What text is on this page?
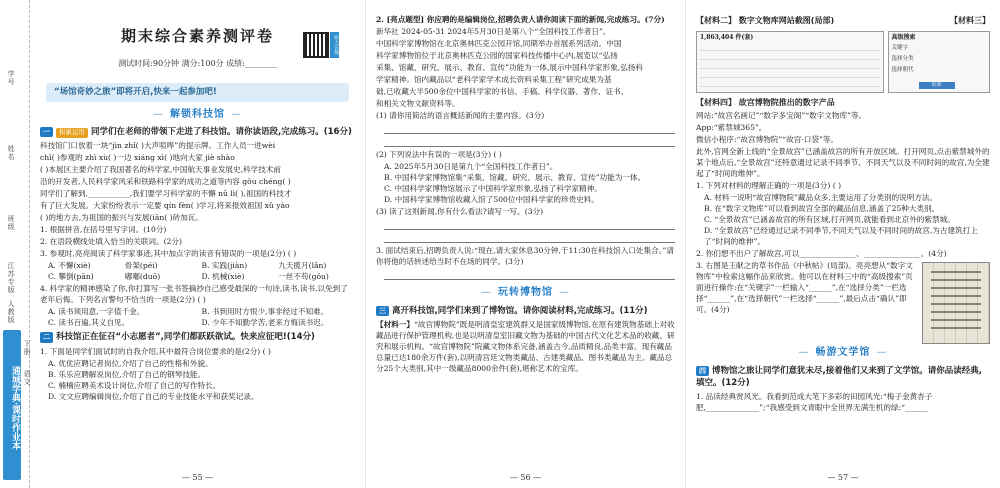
学号
姓名
班级
江苏专版
人教版
下册
语文
通城学典·课时作业本
期末综合素养测评卷	听力音频
测试时间:90分钟 满分:100分 成绩:________
“场馆奇妙之旅”即将开启,快来一起参加吧!
— 解锁科技馆 —
一 积累运用 同学们在老师的带领下走进了科技馆。请你读语段,完成练习。(16分)

科技馆门口放着一块“jìn zhǐ( )大声喧哗”的提示牌。工作人员一进wèi

chǐ( )参观的 zhì xù( )一边 xiáng xì( )地向大家 jiè shào

( )本展区主要介绍了我国著名的科学家,中国航天事业发展史,科学技术前

沿的开发者,人民科学家风采和铁路科学家的成功之道等内容 gǒu chéng( )

同学们了解到,___________,我们要学习科学家的不懈 nǔ lì( ),祖国的科技才

有了巨大发展。大家纷纷表示一定要 qín fèn( )学习,将来报效祖国 xǔ yào

( )的地方去,为祖国的振兴与发展(iān( )砖加瓦。

1. 根据拼音,在括号里写字词。(10分)
2. 在语段横线处填入恰当的关联词。(2分)
3. 参观时,亮亮阅读了科学家事迹,其中加点字的读音有错误的一项是(2分) ( )
A. 不懈(xiè)	骨架(péi)	B. 实践(jiàn)	九天揽月(lǎn)
C. 攀倒(pān)	嘟嘟(duō)	D. 机械(xiè)	一丝不苟(gǒu)
4. 科学家的精神感染了你,你打算写一张书签摘抄自己感受最深的一句诗,读书,读书,以免到了老年后悔。下列名言警句不恰当的一项是(2分) ( )
A. 读书须用意,一字值千金。	B. 书到用时方恨少,事非经过不知难。
C. 读书百遍,其义自见。	D. 少年不知勤学苦,老来方悔读书迟。
二 科技馆正在征召“小志愿者”,同学们都跃跃欲试。快来应征吧!(14分)
1. 下面是同学们面试时的自我介绍,其中最符合岗位要求的是(2分) ( )
A. 优优应聘记者岗位,介绍了自己的性格和外貌。
B. 乐乐应聘解说岗位,介绍了自己的钢琴技能。
C. 楠楠应聘美术设计岗位,介绍了自己的写作特长。
D. 文文应聘编辑岗位,介绍了自己的专业技能水平和获奖记录。
— 55 —
2. [亮点题型] 你应聘的是编辑岗位,招聘负责人请你阅读下面的新闻,完成练习。(7分)

新华社 2024-05-31 2024年5月30日是第八个“全国科技工作者日”。

中国科学家博物馆在北京奥林匹克公园开馆,同期举办首展系列活动。中国

科学家博物馆位于北京奥林匹克公园的国家科技传播中心内,展览以“弘扬

采集、馆藏、研究、展示、教育、宣传”功能为一体,展示中国科学家形象,弘扬科

学家精神。馆内藏品以“老科学家学术成长资料采集工程”研究成果为基

础,已收藏大半500余位中国科学家的书信、手稿、科学仪器、著作、证书、

和相关文物文献资料等。

(1) 请你用简洁的语言概括新闻的主要内容。(3分)
(2) 下列说法中有误的一项是(3分) ( )
A. 2025年5月30日是第九个“全国科技工作者日”。
B. 中国科学家博物馆集“采集、馆藏、研究、展示、教育、宣传”功能为一体。
C. 中国科学家博物馆展示了中国科学家形象,弘扬了科学家精神。
D. 中国科学家博物馆收藏入馆了500位中国科学家的珍贵史料。
(3) 读了这则新闻,你有什么看法?请写一写。(3分)
3. 面试结束后,招聘负责人说:“现在,请大家休息30分钟,于11:30在科技馆入口处集合。”请你将他的话转述给当时不在场的同学。(3分)
— 玩转博物馆 —
三 离开科技馆,同学们来到了博物馆。请你阅读材料,完成练习。(11分)

【材料一】“故宫博物院”既是明清皇室建筑群又是国家级博物馆,在原有建筑物基础上对收藏品进行保护管理机构,也是以明清皇室旧藏文物为基础的中国古代文化艺术品的收藏、研究和展示机构。“故宫博物院”院藏文物体系完备,涵盖古今,品质精良,品类丰富。现有藏品总量已达180余万件(套),以明清宫廷文物类藏品、古建类藏品、图书类藏品为主。藏品总分25个大类别,其中一级藏品8000余件(套),堪称艺术的宝库。

— 56 —
【材料二】 数字文物库网站截图(局部)	【材料三】
1,863,404 件(套)	高级搜索
关键字
选择分类
选择朝代
检索
【材料四】 故宫博物院推出的数字产品

网站:“故宫名画记”“数字多宝阁”“数字文物库”等。

App:“紫禁城365”。

微信小程序:“故宫博物院”“故宫·口袋”等。

此外,官网全新上线的“全景故宫”已涵盖故宫的所有开放区域。打开网页,点击紫禁城外的某个地点后,“全景故宫”还特意通过记录不同季节、不同天气以及不同时间的故宫,为全建起了“时间的维伸”。

1. 下列对材料的理解正确的一项是(3分) ( )
A. 材料一说明“故宫博物院”藏品众多,主要运用了分类别的说明方法。
B. 在“数字文物库”可以看到故宫全部的藏品信息,涵盖了25种大类别。
C. “全景故宫”已涵盖故宫的所有区域,打开网页,就能看到北京外的紫禁城。
D. “全景故宫”已经通过记录不同季节,不同天气以及不同时间的故宫,为古建筑打上了“时间的维伸”。
2. 你们想不出户了解故宫,可以_______________、_______________。(4分)
3. 右图是王献之的草书作品《中秋帖》(局部)。亮亮想从“数字文物库”中检索这幅作品来欣赏。他可以在材料三中的“高级搜索”页面进行操作:在“关键字”一栏输入“______”,在“选择分类”一栏选择“______”,在“选择朝代”一栏选择“______”,最后点击“确认”即可。(4分)
— 畅游文学馆 —
四 博物馆之旅让同学们意犹未尽,接着他们又来到了文学馆。请你品读经典,填空。(12分)
1. 品读经典赏风光。我看到范成大笔下多彩的田园风光:“梅子金黄杏子肥,______________”;“我感受到文青眼中全世界无满生机的绿:“______
— 57 —
